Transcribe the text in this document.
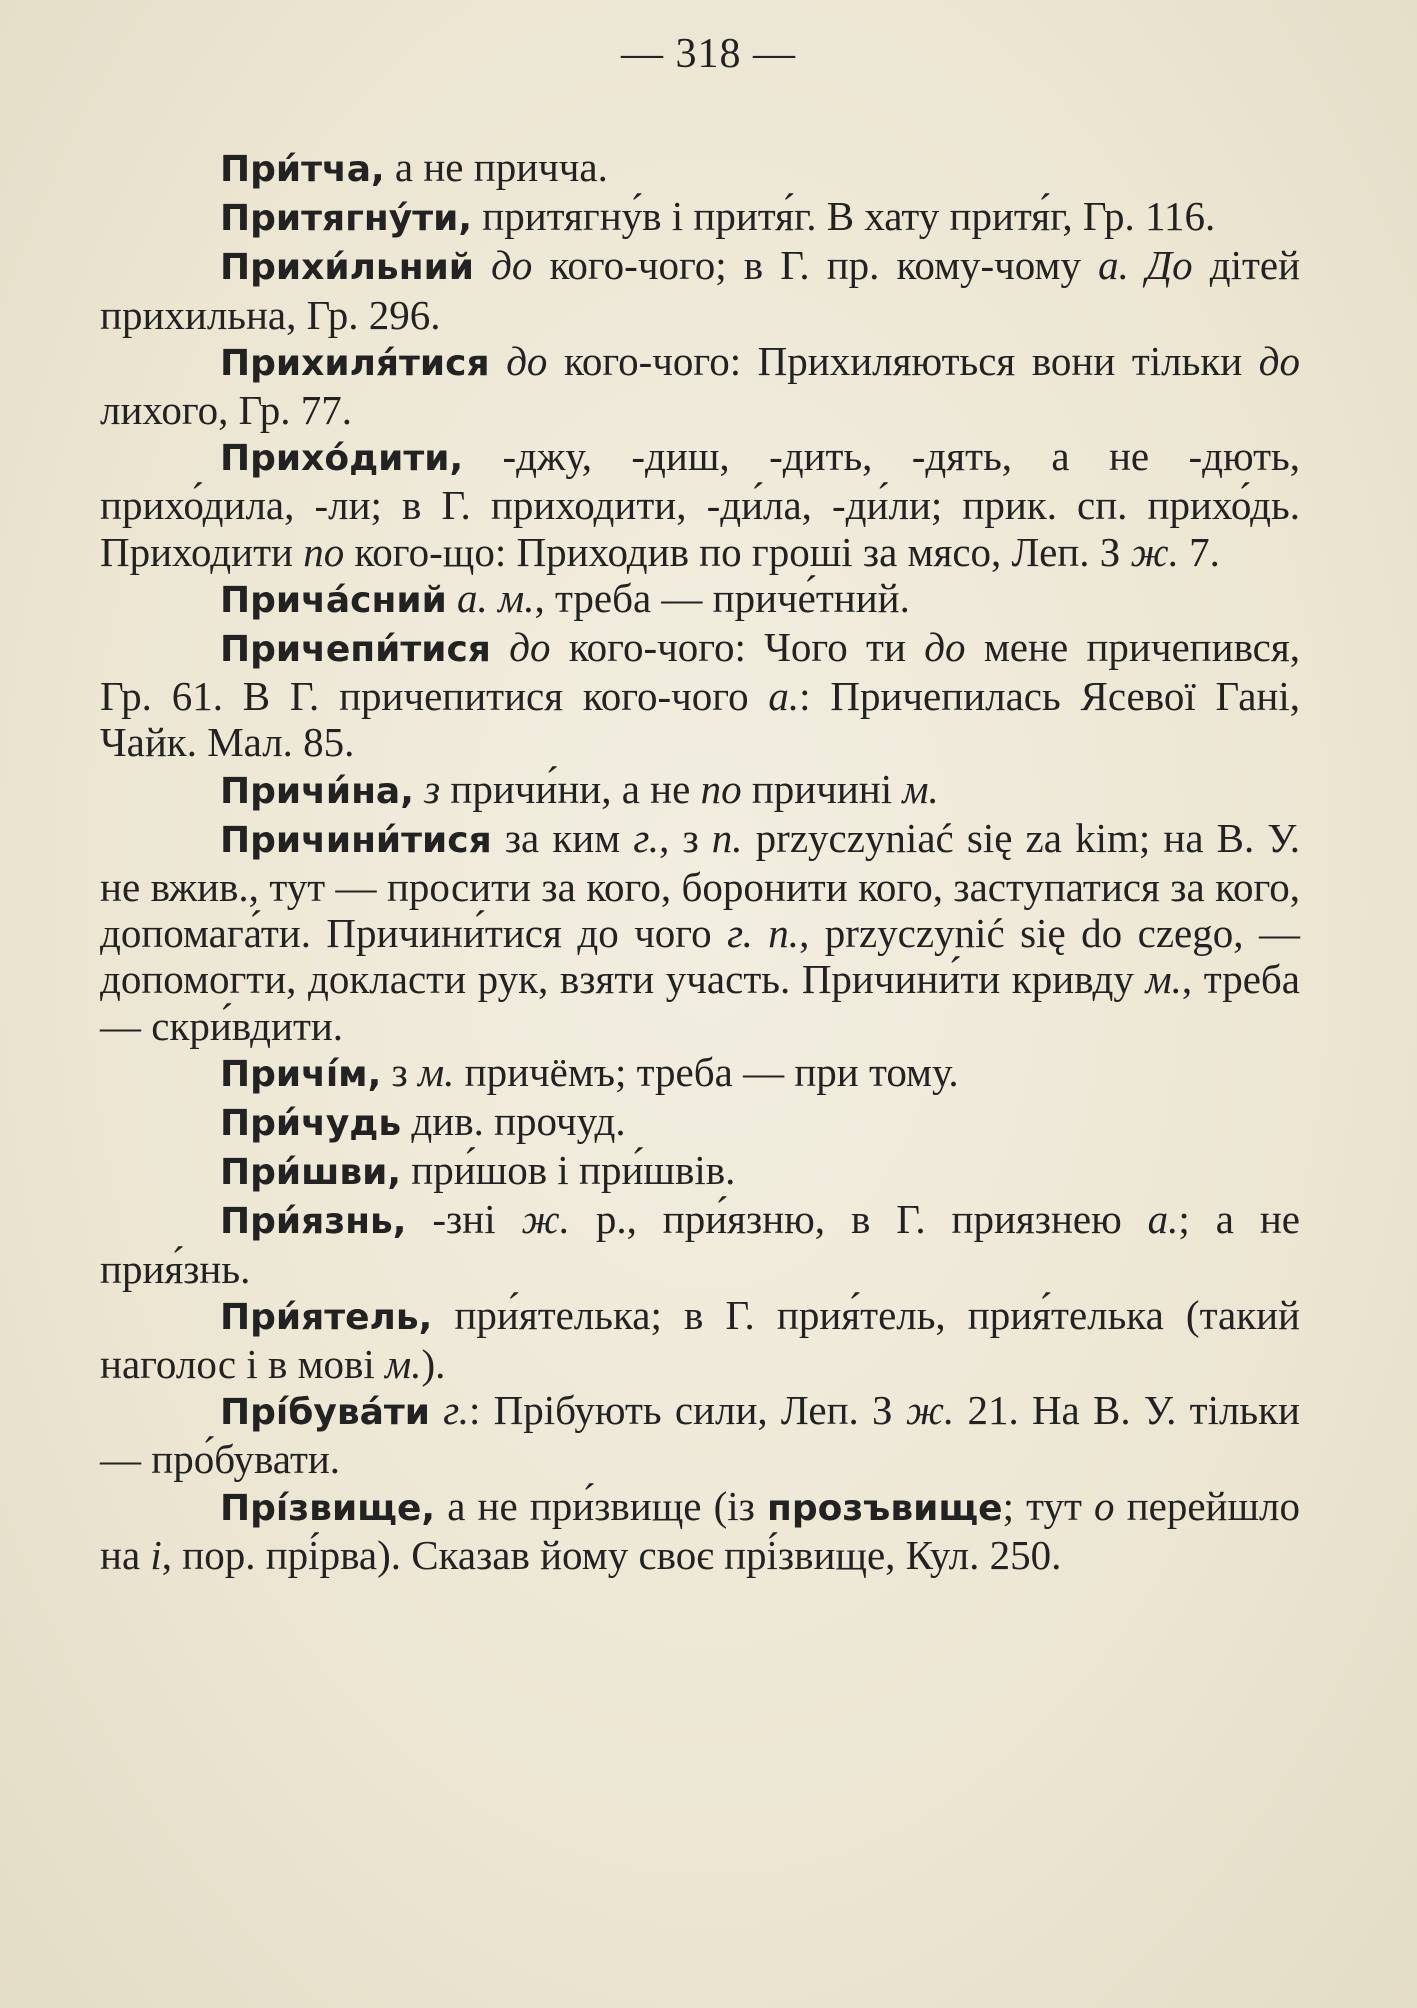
— 318 —

При́тча, а не причча.

Притягну́ти, притягну́в і притя́г. В хату притя́г, Гр. 116.

Прихи́льний до кого-чого; в Г. пр. кому-чому а. До дітей прихильна, Гр. 296.

Прихиля́тися до кого-чого: Прихиляються вони тільки до лихого, Гр. 77.

Прихо́дити, -джу, -диш, -дить, -дять, а не -дють, прихо́дила, -ли; в Г. приходити, -ди́ла, -ди́ли; прик. сп. прихо́дь. Приходити по кого-що: Приходив по гроші за мясо, Леп. З ж. 7.

Прича́сний а. м., треба — приче́тний.

Причепи́тися до кого-чого: Чого ти до мене причепився, Гр. 61. В Г. причепитися кого-чого а.: Причепилась Ясевої Гані, Чайк. Мал. 85.

Причи́на, з причи́ни, а не по причині м.

Причини́тися за ким г., з п. przyczyniać się za kim; на В. У. не вжив., тут — просити за кого, боронити кого, заступатися за кого, допомага́ти. Причини́тися до чого г. п., przyczynić się do czego, — допомогти, докласти рук, взяти участь. Причини́ти кривду м., треба — скри́вдити.

Причі́м, з м. причёмъ; треба — при тому.

При́чудь див. прочуд.

При́шви, при́шов і при́швів.

При́язнь, -зні ж. р., при́язню, в Г. приязнею а.; а не прия́знь.

При́ятель, при́ятелька; в Г. прия́тель, прия́телька (такий наголос і в мові м.).

Прі́бува́ти г.: Прібують сили, Леп. З ж. 21. На В. У. тільки — про́бувати.

Прі́звище, а не при́звище (із прозъвище; тут о перейшло на і, пор. прі́рва). Сказав йому своє прі́звище, Кул. 250.
